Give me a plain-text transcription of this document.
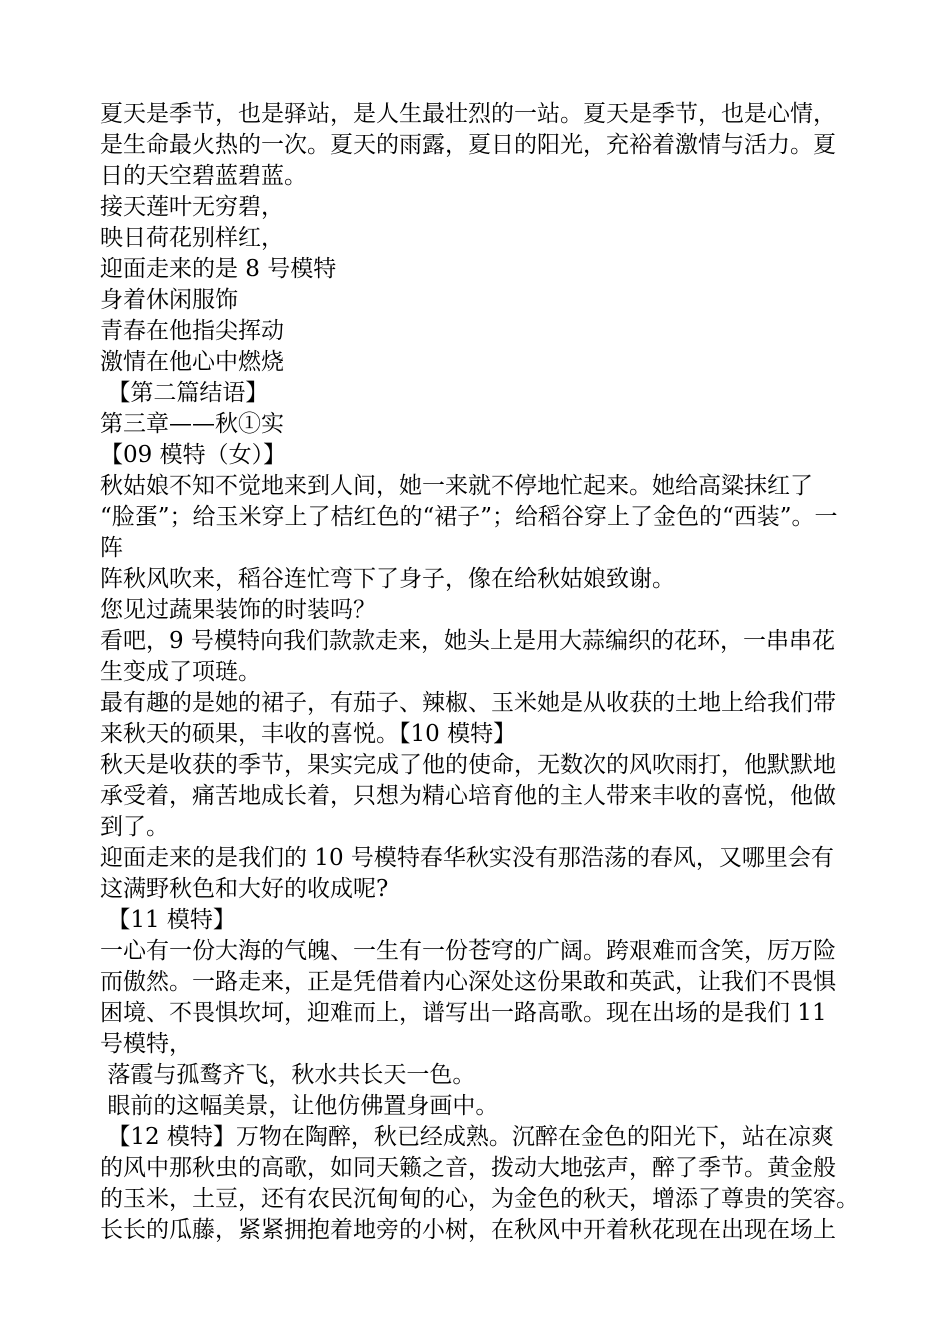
夏天是季节，也是驿站，是人生最壮烈的一站。夏天是季节，也是心情，

是生命最火热的一次。夏天的雨露，夏日的阳光，充裕着激情与活力。夏

日的天空碧蓝碧蓝。

接天莲叶无穷碧，

映日荷花别样红，

迎面走来的是 8 号模特

身着休闲服饰

青春在他指尖挥动

激情在他心中燃烧

【第二篇结语】

第三章——秋①实

【09 模特（女）】

秋姑娘不知不觉地来到人间，她一来就不停地忙起来。她给高粱抹红了

“脸蛋”；给玉米穿上了桔红色的“裙子”；给稻谷穿上了金色的“西装”。一阵

阵秋风吹来，稻谷连忙弯下了身子，像在给秋姑娘致谢。

您见过蔬果装饰的时装吗？

看吧，9 号模特向我们款款走来，她头上是用大蒜编织的花环，一串串花

生变成了项琏。

最有趣的是她的裙子，有茄子、辣椒、玉米她是从收获的土地上给我们带

来秋天的硕果，丰收的喜悦。【10 模特】

秋天是收获的季节，果实完成了他的使命，无数次的风吹雨打，他默默地

承受着，痛苦地成长着，只想为精心培育他的主人带来丰收的喜悦，他做

到了。

迎面走来的是我们的 10 号模特春华秋实没有那浩荡的春风，又哪里会有

这满野秋色和大好的收成呢?

【11 模特】

一心有一份大海的气魄、一生有一份苍穹的广阔。跨艰难而含笑，厉万险

而傲然。一路走来，正是凭借着内心深处这份果敢和英武，让我们不畏惧

困境、不畏惧坎坷，迎难而上，谱写出一路高歌。现在出场的是我们 11

号模特，

落霞与孤鹜齐飞，秋水共长天一色。

眼前的这幅美景，让他仿佛置身画中。

【12 模特】万物在陶醉，秋已经成熟。沉醉在金色的阳光下，站在凉爽

的风中那秋虫的高歌，如同天籁之音，拨动大地弦声，醉了季节。黄金般

的玉米，土豆，还有农民沉甸甸的心，为金色的秋天，增添了尊贵的笑容。

长长的瓜藤，紧紧拥抱着地旁的小树，在秋风中开着秋花现在出现在场上
